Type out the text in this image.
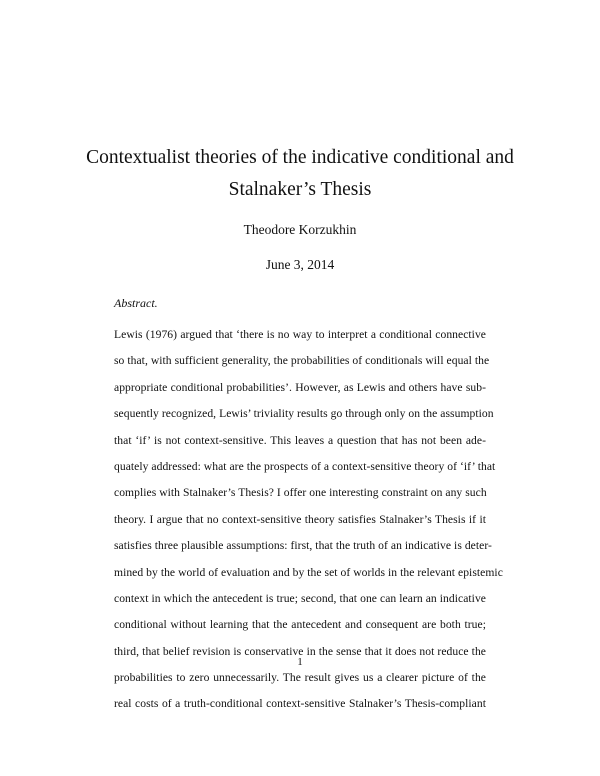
Contextualist theories of the indicative conditional and
Stalnaker’s Thesis
Theodore Korzukhin
June 3, 2014
Abstract.
Lewis (1976) argued that ‘there is no way to interpret a conditional connective
so that, with sufficient generality, the probabilities of conditionals will equal the
appropriate conditional probabilities’. However, as Lewis and others have sub-
sequently recognized, Lewis’ triviality results go through only on the assumption
that ‘if’ is not context-sensitive. This leaves a question that has not been ade-
quately addressed: what are the prospects of a context-sensitive theory of ‘if’ that
complies with Stalnaker’s Thesis? I offer one interesting constraint on any such
theory. I argue that no context-sensitive theory satisfies Stalnaker’s Thesis if it
satisfies three plausible assumptions: first, that the truth of an indicative is deter-
mined by the world of evaluation and by the set of worlds in the relevant epistemic
context in which the antecedent is true; second, that one can learn an indicative
conditional without learning that the antecedent and consequent are both true;
third, that belief revision is conservative in the sense that it does not reduce the
probabilities to zero unnecessarily. The result gives us a clearer picture of the
real costs of a truth-conditional context-sensitive Stalnaker’s Thesis-compliant
1
